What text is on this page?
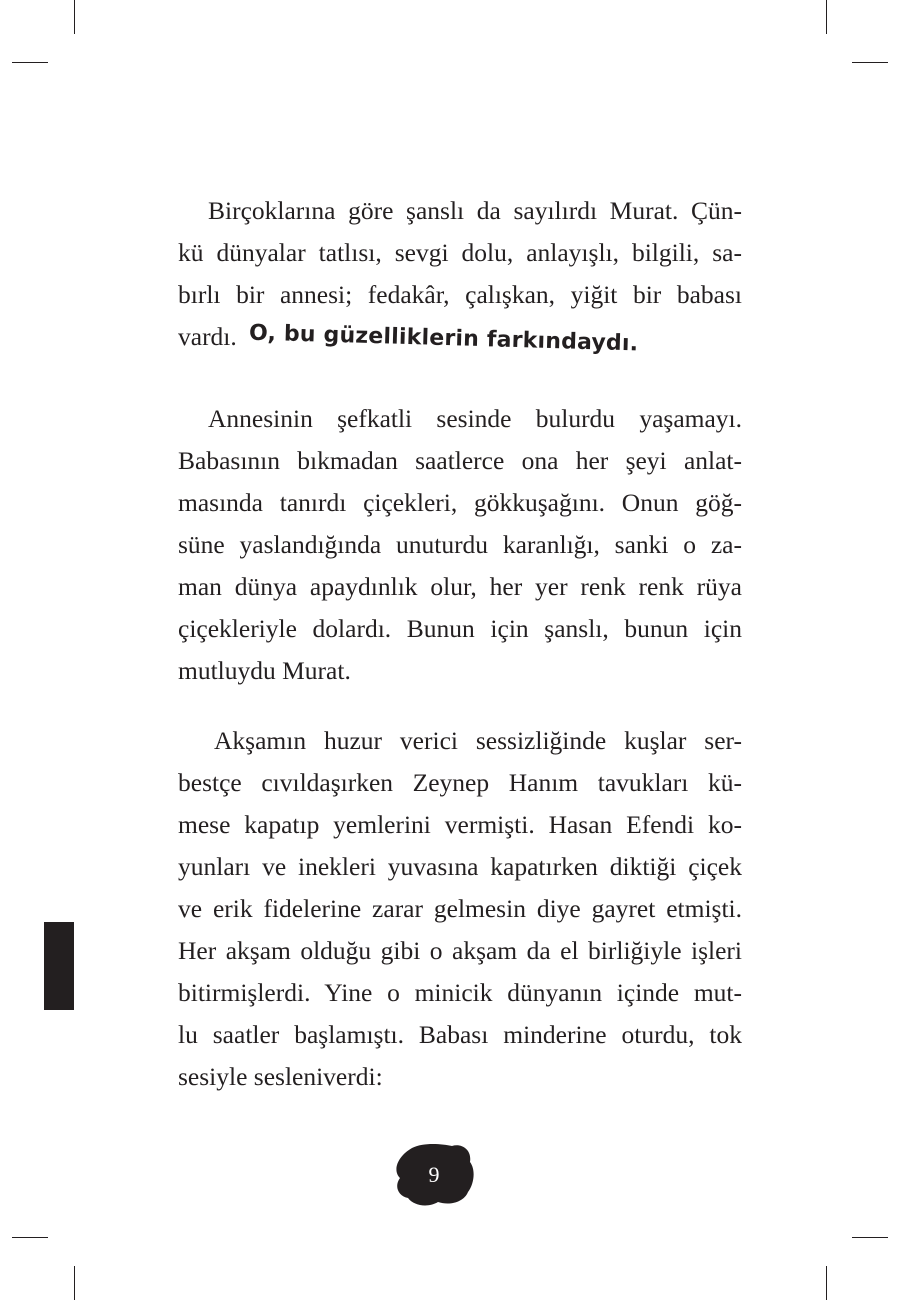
Birçoklarına göre şanslı da sayılırdı Murat. Çün-
kü dünyalar tatlısı, sevgi dolu, anlayışlı, bilgili, sa-
bırlı bir annesi; fedakâr, çalışkan, yiğit bir babası
vardı. O, bu güzelliklerin farkındaydı.
Annesinin şefkatli sesinde bulurdu yaşamayı.
Babasının bıkmadan saatlerce ona her şeyi anlat-
masında tanırdı çiçekleri, gökkuşağını. Onun göğ-
süne yaslandığında unuturdu karanlığı, sanki o za-
man dünya apaydınlık olur, her yer renk renk rüya
çiçekleriyle dolardı. Bunun için şanslı, bunun için
mutluydu Murat.
Akşamın huzur verici sessizliğinde kuşlar ser-
bestçe cıvıldaşırken Zeynep Hanım tavukları kü-
mese kapatıp yemlerini vermişti. Hasan Efendi ko-
yunları ve inekleri yuvasına kapatırken diktiği çiçek
ve erik fidelerine zarar gelmesin diye gayret etmişti.
Her akşam olduğu gibi o akşam da el birliğiyle işleri
bitirmişlerdi. Yine o minicik dünyanın içinde mut-
lu saatler başlamıştı. Babası minderine oturdu, tok
sesiyle sesleniverdi:
9
